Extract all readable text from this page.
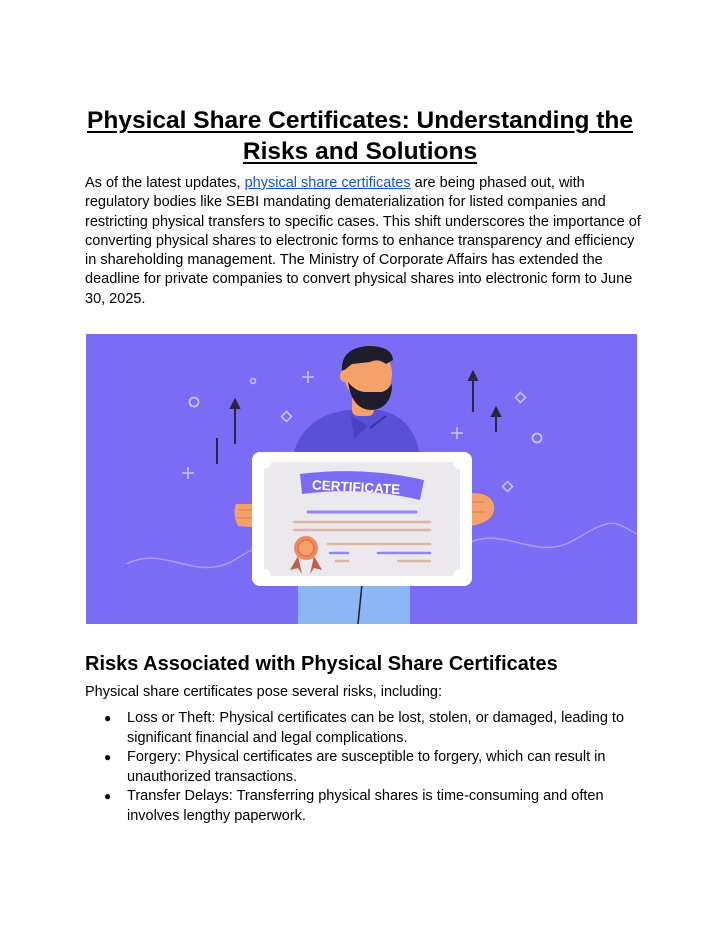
Physical Share Certificates: Understanding the Risks and Solutions

As of the latest updates, physical share certificates are being phased out, with regulatory bodies like SEBI mandating dematerialization for listed companies and restricting physical transfers to specific cases. This shift underscores the importance of converting physical shares to electronic forms to enhance transparency and efficiency in shareholding management. The Ministry of Corporate Affairs has extended the deadline for private companies to convert physical shares into electronic form to June 30, 2025.

CERTIFICATE
Risks Associated with Physical Share Certificates

Physical share certificates pose several risks, including:

● Loss or Theft: Physical certificates can be lost, stolen, or damaged, leading to significant financial and legal complications.
● Forgery: Physical certificates are susceptible to forgery, which can result in unauthorized transactions.
● Transfer Delays: Transferring physical shares is time-consuming and often involves lengthy paperwork.
